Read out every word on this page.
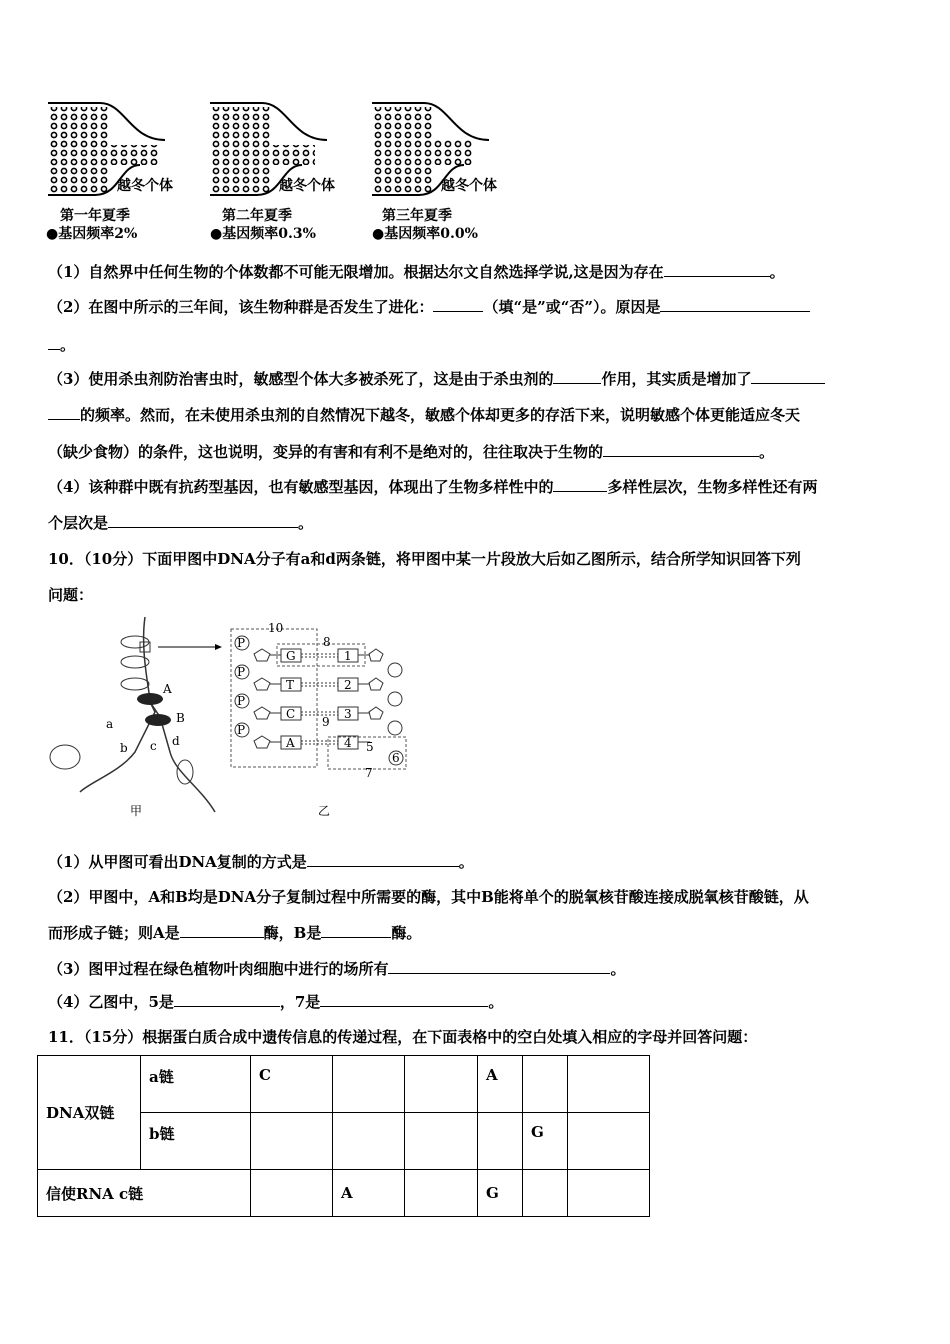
越冬个体	越冬个体	越冬个体
第一年夏季	第二年夏季	第三年夏季
●基因频率2%	●基因频率0.3%	●基因频率0.0%
（1）自然界中任何生物的个体数都不可能无限增加。根据达尔文自然选择学说,这是因为存在	。
（2）在图中所示的三年间，该生物种群是否发生了进化：	（填“是”或“否”）。原因是
。
（3）使用杀虫剂防治害虫时，敏感型个体大多被杀死了，这是由于杀虫剂的	作用，其实质是增加了
的频率。然而，在未使用杀虫剂的自然情况下越冬，敏感个体却更多的存活下来，说明敏感个体更能适应冬天
（缺少食物）的条件，这也说明，变异的有害和有利不是绝对的，往往取决于生物的	。
（4）该种群中既有抗药型基因，也有敏感型基因，体现出了生物多样性中的	多样性层次，生物多样性还有两
个层次是	。
10．（10分）下面甲图中DNA分子有a和d两条链，将甲图中某一片段放大后如乙图所示，结合所学知识回答下列
问题：
A
B
a
b c d
甲	乙
10
8
7
P
G	1
P
T	2
P
C	3
P
A	4 5
6
9
（1）从甲图可看出DNA复制的方式是	。
（2）甲图中，A和B均是DNA分子复制过程中所需要的酶，其中B能将单个的脱氧核苷酸连接成脱氧核苷酸链，从
而形成子链；则A是	酶，B是	酶。
（3）图甲过程在绿色植物叶肉细胞中进行的场所有	。
（4）乙图中，5是	，7是	。
11．（15分）根据蛋白质合成中遗传信息的传递过程，在下面表格中的空白处填入相应的字母并回答问题：
DNA双链	a链	C			A		
	b链					G	
信使RNA c链			A		G		
